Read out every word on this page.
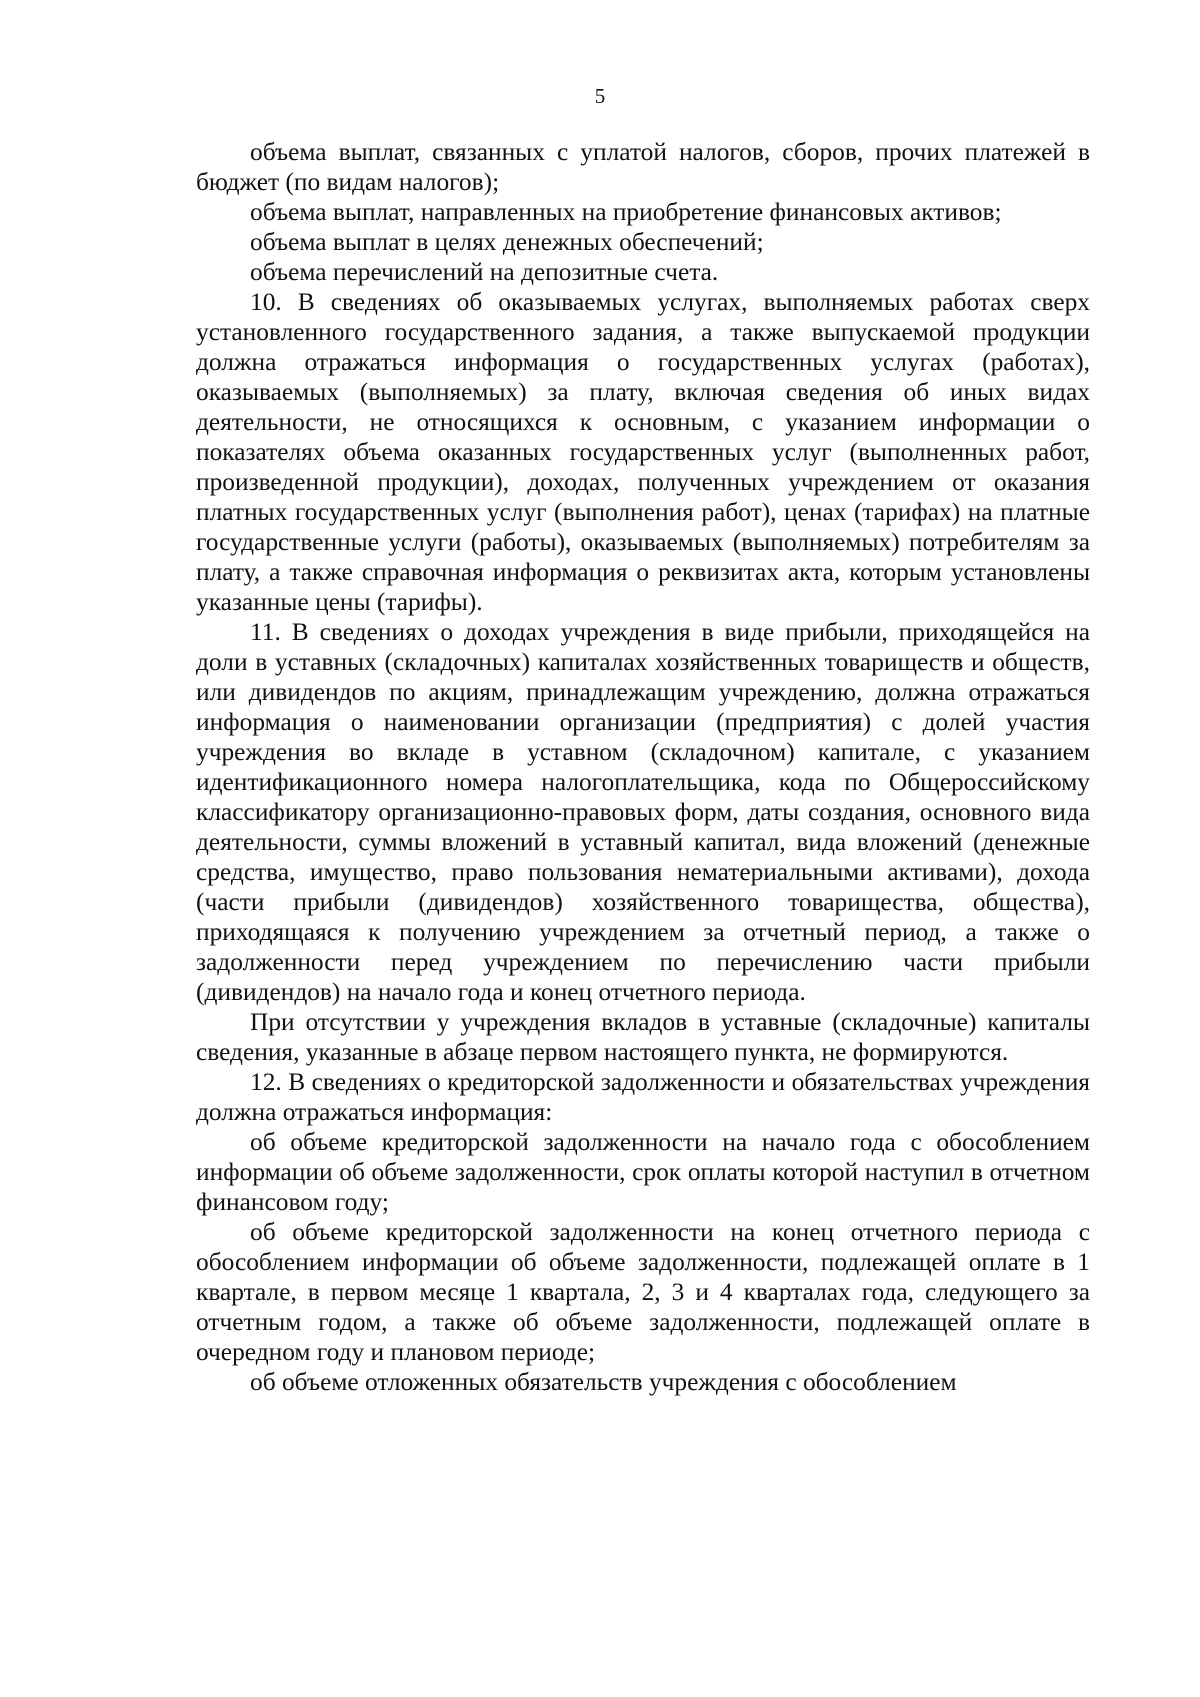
5

объема выплат, связанных с уплатой налогов, сборов, прочих платежей в бюджет (по видам налогов);

объема выплат, направленных на приобретение финансовых активов;

объема выплат в целях денежных обеспечений;

объема перечислений на депозитные счета.

10. В сведениях об оказываемых услугах, выполняемых работах сверх установленного государственного задания, а также выпускаемой продукции должна отражаться информация о государственных услугах (работах), оказываемых (выполняемых) за плату, включая сведения об иных видах деятельности, не относящихся к основным, с указанием информации о показателях объема оказанных государственных услуг (выполненных работ, произведенной продукции), доходах, полученных учреждением от оказания платных государственных услуг (выполнения работ), ценах (тарифах) на платные государственные услуги (работы), оказываемых (выполняемых) потребителям за плату, а также справочная информация о реквизитах акта, которым установлены указанные цены (тарифы).

11. В сведениях о доходах учреждения в виде прибыли, приходящейся на доли в уставных (складочных) капиталах хозяйственных товариществ и обществ, или дивидендов по акциям, принадлежащим учреждению, должна отражаться информация о наименовании организации (предприятия) с долей участия учреждения во вкладе в уставном (складочном) капитале, с указанием идентификационного номера налогоплательщика, кода по Общероссийскому классификатору организационно-правовых форм, даты создания, основного вида деятельности, суммы вложений в уставный капитал, вида вложений (денежные средства, имущество, право пользования нематериальными активами), дохода (части прибыли (дивидендов) хозяйственного товарищества, общества), приходящаяся к получению учреждением за отчетный период, а также о задолженности перед учреждением по перечислению части прибыли (дивидендов) на начало года и конец отчетного периода.

При отсутствии у учреждения вкладов в уставные (складочные) капиталы сведения, указанные в абзаце первом настоящего пункта, не формируются.

12. В сведениях о кредиторской задолженности и обязательствах учреждения должна отражаться информация:

об объеме кредиторской задолженности на начало года с обособлением информации об объеме задолженности, срок оплаты которой наступил в отчетном финансовом году;

об объеме кредиторской задолженности на конец отчетного периода с обособлением информации об объеме задолженности, подлежащей оплате в 1 квартале, в первом месяце 1 квартала, 2, 3 и 4 кварталах года, следующего за отчетным годом, а также об объеме задолженности, подлежащей оплате в очередном году и плановом периоде;

об объеме отложенных обязательств учреждения с обособлением
